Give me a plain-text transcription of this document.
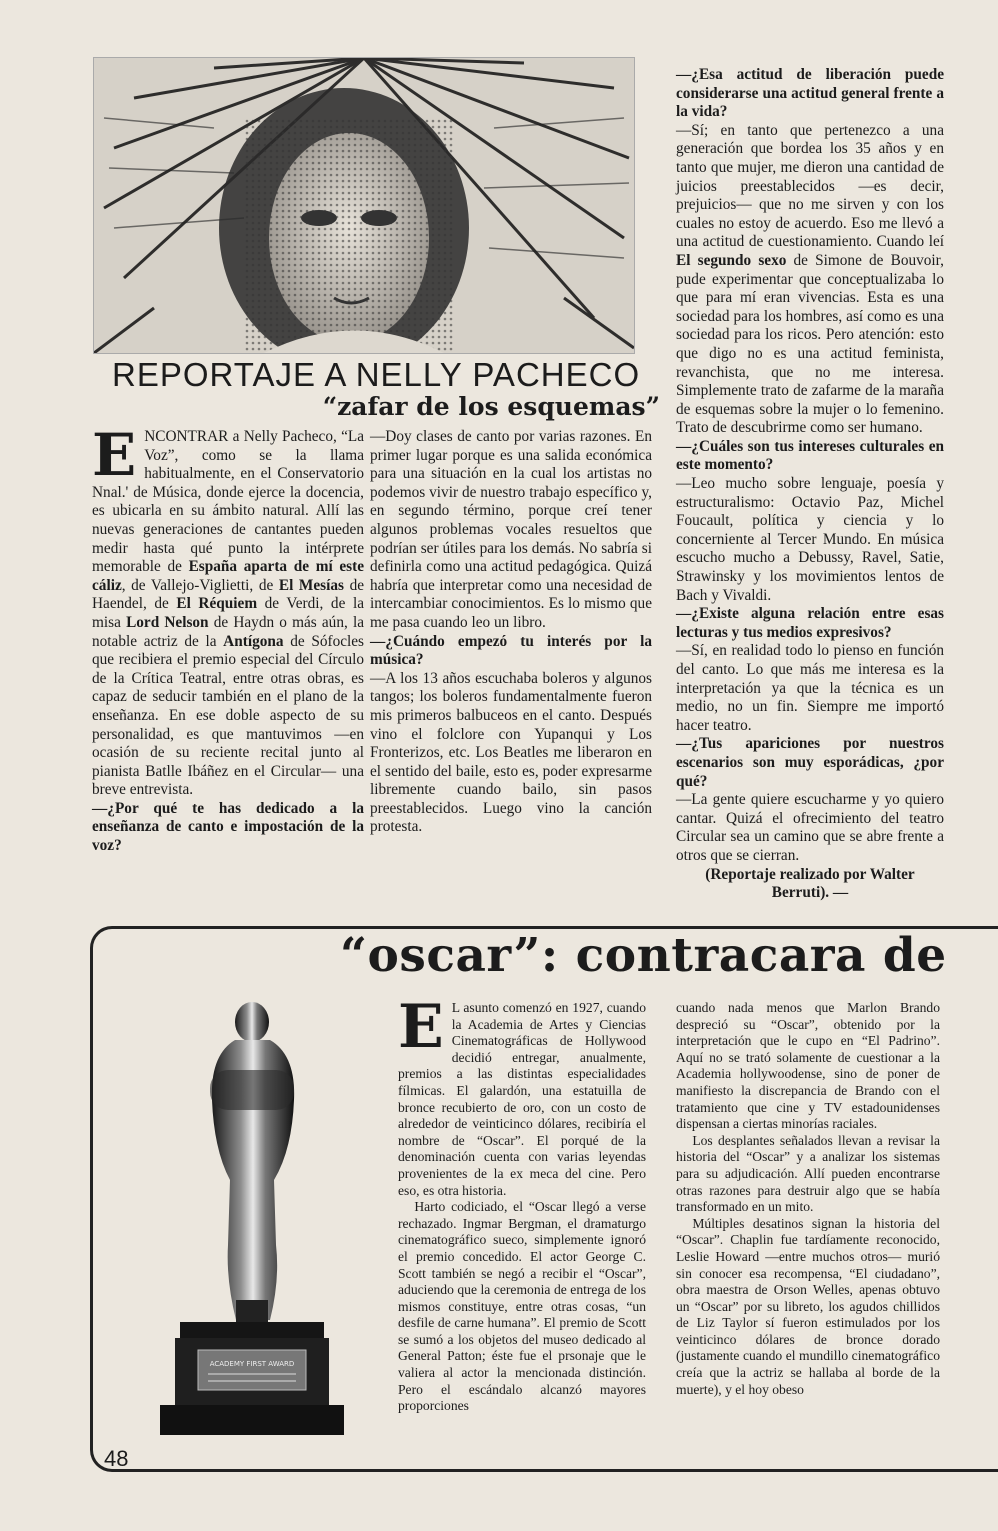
REPORTAJE A NELLY PACHECO
“zafar de los esquemas”

ENCONTRAR a Nelly Pacheco, “La Voz”, como se la llama habitualmente, en el Conservatorio Nnal.' de Música, donde ejerce la docencia, es ubicarla en su ámbito natural. Allí las nuevas generaciones de cantantes pueden medir hasta qué punto la intérprete memorable de España aparta de mí este cáliz, de Vallejo-Viglietti, de El Mesías de Haendel, de El Réquiem de Verdi, de la misa Lord Nelson de Haydn o más aún, la notable actriz de la Antígona de Sófocles que recibiera el premio especial del Círculo de la Crítica Teatral, entre otras obras, es capaz de seducir también en el plano de la enseñanza. En ese doble aspecto de su personalidad, es que mantuvimos —en ocasión de su reciente recital junto al pianista Batlle Ibáñez en el Circular— una breve entrevista.

—¿Por qué te has dedicado a la enseñanza de canto e impostación de la voz?

—Doy clases de canto por varias razones. En primer lugar porque es una salida económica para una situación en la cual los artistas no podemos vivir de nuestro trabajo específico y, en segundo término, porque creí tener algunos problemas vocales resueltos que podrían ser útiles para los demás. No sabría si definirla como una actitud pedagógica. Quizá habría que interpretar como una necesidad de intercambiar conocimientos. Es lo mismo que me pasa cuando leo un libro.

—¿Cuándo empezó tu interés por la música?

—A los 13 años escuchaba boleros y algunos tangos; los boleros fundamentalmente fueron mis primeros balbuceos en el canto. Después vino el folclore con Yupanqui y Los Fronterizos, etc. Los Beatles me liberaron en el sentido del baile, esto es, poder expresarme libremente cuando bailo, sin pasos preestablecidos. Luego vino la canción protesta.

—¿Esa actitud de liberación puede considerarse una actitud general frente a la vida?

—Sí; en tanto que pertenezco a una generación que bordea los 35 años y en tanto que mujer, me dieron una cantidad de juicios preestablecidos —es decir, prejuicios— que no me sirven y con los cuales no estoy de acuerdo. Eso me llevó a una actitud de cuestionamiento. Cuando leí El segundo sexo de Simone de Bouvoir, pude experimentar que conceptualizaba lo que para mí eran vivencias. Esta es una sociedad para los hombres, así como es una sociedad para los ricos. Pero atención: esto que digo no es una actitud feminista, revanchista, que no me interesa. Simplemente trato de zafarme de la maraña de esquemas sobre la mujer o lo femenino. Trato de descubrirme como ser humano.

—¿Cuáles son tus intereses culturales en este momento?

—Leo mucho sobre lenguaje, poesía y estructuralismo: Octavio Paz, Michel Foucault, política y ciencia y lo concerniente al Tercer Mundo. En música escucho mucho a Debussy, Ravel, Satie, Strawinsky y los movimientos lentos de Bach y Vivaldi.

—¿Existe alguna relación entre esas lecturas y tus medios expresivos?

—Sí, en realidad todo lo pienso en función del canto. Lo que más me interesa es la interpretación ya que la técnica es un medio, no un fin. Siempre me importó hacer teatro.

—¿Tus apariciones por nuestros escenarios son muy esporádicas, ¿por qué?

—La gente quiere escucharme y yo quiero cantar. Quizá el ofrecimiento del teatro Circular sea un camino que se abre frente a otros que se cierran.

(Reportaje realizado por Walter Berruti). —

“oscar”: contracara de
ACADEMY FIRST AWARD

E L asunto comenzó en 1927, cuando la Academia de Artes y Ciencias Cinematográficas de Hollywood decidió entregar, anualmente, premios a las distintas especialidades fílmicas. El galardón, una estatuilla de bronce recubierto de oro, con un costo de alrededor de veinticinco dólares, recibiría el nombre de “Oscar”. El porqué de la denominación cuenta con varias leyendas provenientes de la ex meca del cine. Pero eso, es otra historia.

Harto codiciado, el “Oscar llegó a verse rechazado. Ingmar Bergman, el dramaturgo cinematográfico sueco, simplemente ignoró el premio concedido. El actor George C. Scott también se negó a recibir el “Oscar”, aduciendo que la ceremonia de entrega de los mismos constituye, entre otras cosas, “un desfile de carne humana”. El premio de Scott se sumó a los objetos del museo dedicado al General Patton; éste fue el prsonaje que le valiera al actor la mencionada distinción. Pero el escándalo alcanzó mayores proporciones

cuando nada menos que Marlon Brando despreció su “Oscar”, obtenido por la interpretación que le cupo en “El Padrino”. Aquí no se trató solamente de cuestionar a la Academia hollywoodense, sino de poner de manifiesto la discrepancia de Brando con el tratamiento que cine y TV estadounidenses dispensan a ciertas minorías raciales.

Los desplantes señalados llevan a revisar la historia del “Oscar” y a analizar los sistemas para su adjudicación. Allí pueden encontrarse otras razones para destruir algo que se había transformado en un mito.

Múltiples desatinos signan la historia del “Oscar”. Chaplin fue tardíamente reconocido, Leslie Howard —entre muchos otros— murió sin conocer esa recompensa, “El ciudadano”, obra maestra de Orson Welles, apenas obtuvo un “Oscar” por su libreto, los agudos chillidos de Liz Taylor sí fueron estimulados por los veinticinco dólares de bronce dorado (justamente cuando el mundillo cinematográfico creía que la actriz se hallaba al borde de la muerte), y el hoy obeso

48
